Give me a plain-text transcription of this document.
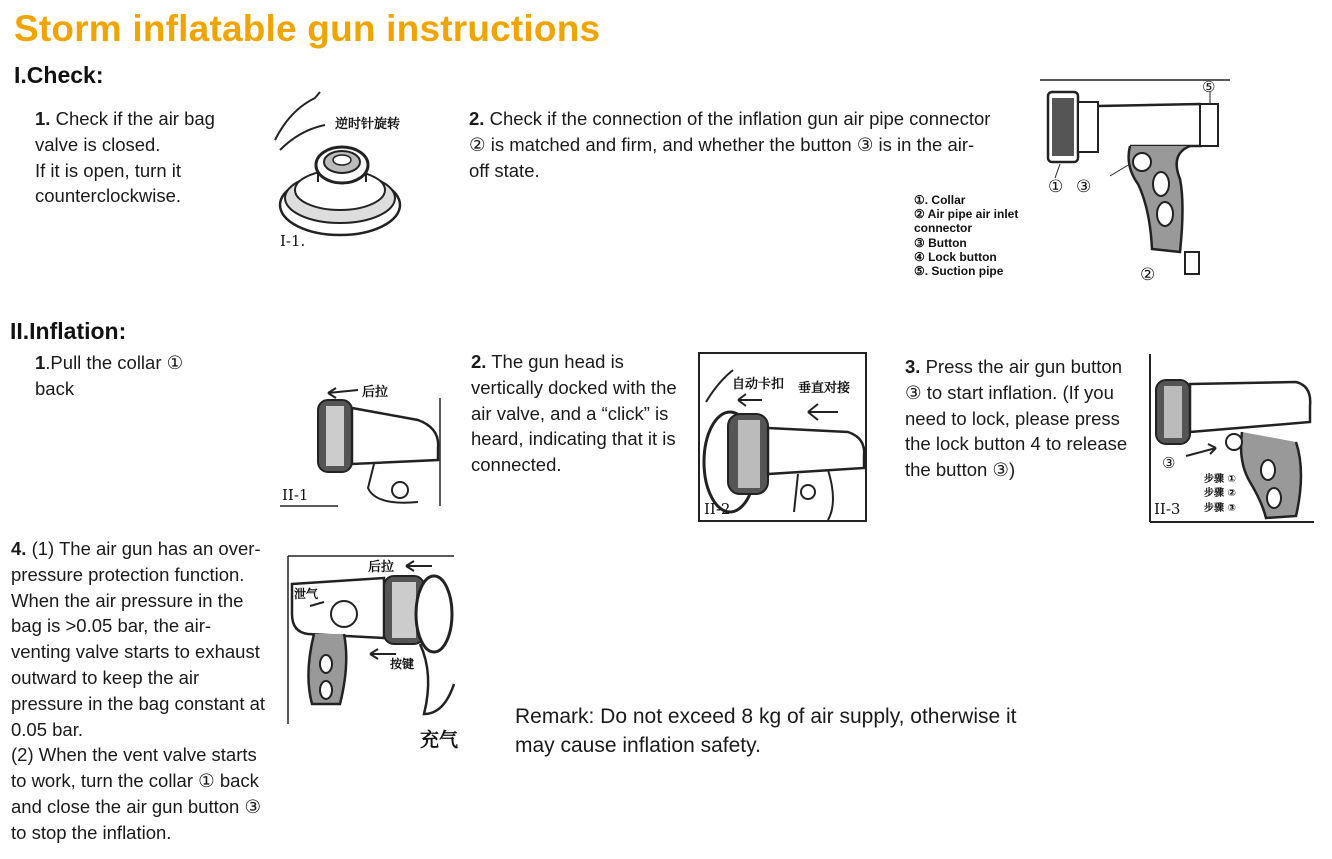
Storm inflatable gun instructions
I.Check:
1. Check if the air bag
valve is closed.
If it is open, turn it
counterclockwise.
I-1.
逆时针旋转	2. Check if the connection of the inflation gun air pipe connector
② is matched and firm, and whether the button ③ is in the air-
off state.
① ③
⑤
②
①. Collar
② Air pipe air inlet
connector
③ Button
④ Lock button
⑤. Suction pipe
II.Inflation:
1.Pull the collar ①
back	后拉
II-1
2. The gun head is
vertically docked with the
air valve, and a “click” is
heard, indicating that it is
connected.
自动卡扣 垂直对接
II-2
3. Press the air gun button
③ to start inflation. (If you
need to lock, please press
the lock button 4 to release
the button ③)	③
步骤 ①
步骤 ②
步骤 ③
II-3
4. (1) The air gun has an over-
pressure protection function.
When the air pressure in the
bag is >0.05 bar, the air-
venting valve starts to exhaust
outward to keep the air
pressure in the bag constant at
0.05 bar.
(2) When the vent valve starts
to work, turn the collar ① back
and close the air gun button ③
to stop the inflation.
后拉
泄气
按键
充气
Remark: Do not exceed 8 kg of air supply, otherwise it
may cause inflation safety.
